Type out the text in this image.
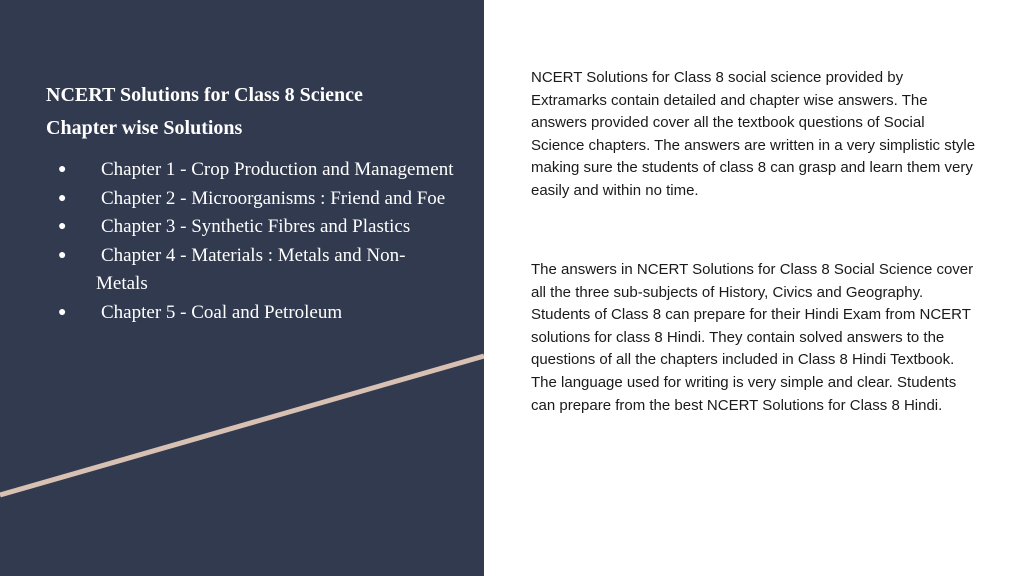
NCERT Solutions for Class 8 Science
Chapter wise Solutions
● Chapter 1 - Crop Production and Management
● Chapter 2 - Microorganisms : Friend and Foe
● Chapter 3 - Synthetic Fibres and Plastics
● Chapter 4 - Materials : Metals and Non-Metals
● Chapter 5 - Coal and Petroleum

NCERT Solutions for Class 8 social science provided by Extramarks contain detailed and chapter wise answers. The answers provided cover all the textbook questions of Social Science chapters. The answers are written in a very simplistic style making sure the students of class 8 can grasp and learn them very easily and within no time.

The answers in NCERT Solutions for Class 8 Social Science cover all the three sub-subjects of History, Civics and Geography. Students of Class 8 can prepare for their Hindi Exam from NCERT solutions for class 8 Hindi. They contain solved answers to the questions of all the chapters included in Class 8 Hindi Textbook. The language used for writing is very simple and clear. Students can prepare from the best NCERT Solutions for Class 8 Hindi.
